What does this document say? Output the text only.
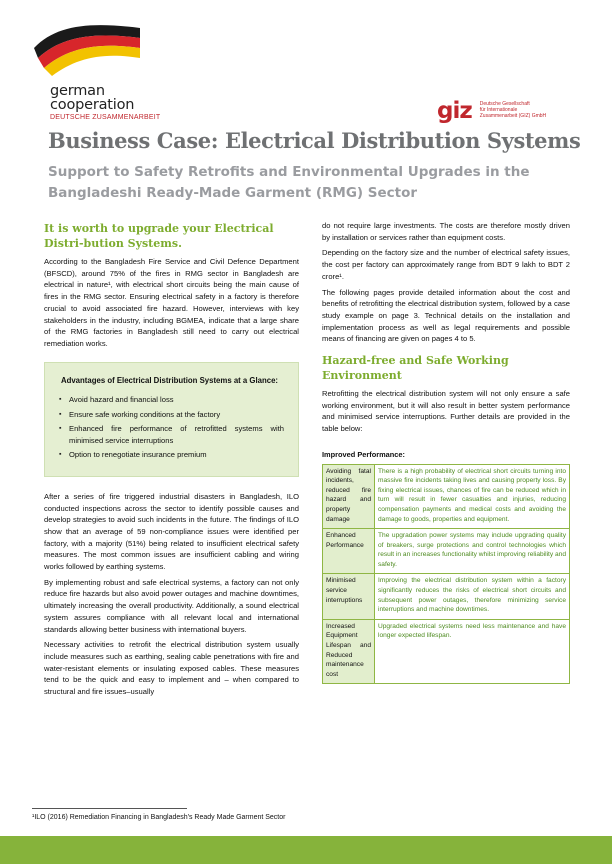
german
cooperation
DEUTSCHE ZUSAMMENARBEIT	giz Deutsche Gesellschaft
für Internationale
Zusammenarbeit (GIZ) GmbH
Business Case: Electrical Distribution Systems
Support to Safety Retrofits and Environmental Upgrades in the Bangladeshi Ready-Made Garment (RMG) Sector
It is worth to upgrade your Electrical Distri-bution Systems.

According to the Bangladesh Fire Service and Civil Defence Department (BFSCD), around 75% of the fires in RMG sector in Bangladesh are electrical in nature¹, with electrical short circuits being the main cause of fires in the RMG sector. Ensuring electrical safety in a factory is therefore crucial to avoid associated fire hazard. However, interviews with key stakeholders in the industry, including BGMEA, indicate that a large share of the RMG factories in Bangladesh still need to carry out electrical remediation works.

Advantages of Electrical Distribution Systems at a Glance:
▪ Avoid hazard and financial loss
▪ Ensure safe working conditions at the factory
▪ Enhanced fire performance of retrofitted systems with minimised service interruptions
▪ Option to renegotiate insurance premium

After a series of fire triggered industrial disasters in Bangladesh, ILO conducted inspections across the sector to identify possible causes and develop strategies to avoid such incidents in the future. The findings of ILO show that an average of 59 non-compliance issues were identified per factory, with a majority (51%) being related to insufficient electrical safety measures. The most common issues are insufficient cabling and wiring works followed by earthing systems.

By implementing robust and safe electrical systems, a factory can not only reduce fire hazards but also avoid power outages and machine downtimes, ultimately increasing the overall productivity. Additionally, a sound electrical system assures compliance with all relevant local and international standards allowing better business with international buyers.

Necessary activities to retrofit the electrical distribution system usually include measures such as earthing, sealing cable penetrations with fire and water-resistant elements or insulating exposed cables. These measures tend to be the quick and easy to implement and – when compared to structural and fire issues–usually

do not require large investments. The costs are therefore mostly driven by installation or services rather than equipment costs.

Depending on the factory size and the number of electrical safety issues, the cost per factory can approximately range from BDT 9 lakh to BDT 2 crore¹.

The following pages provide detailed information about the cost and benefits of retrofitting the electrical distribution system, followed by a case study example on page 3. Technical details on the installation and implementation process as well as legal requirements and possible means of financing are given on pages 4 to 5.

Hazard-free and Safe Working Environment

Retrofitting the electrical distribution system will not only ensure a safe working environment, but it will also result in better system performance and minimised service interruptions. Further details are provided in the table below:

Improved Performance:
Avoiding fatal incidents, reduced fire hazard and property damage	There is a high probability of electrical short circuits turning into massive fire incidents taking lives and causing property loss. By fixing electrical issues, chances of fire can be reduced which in turn will result in fewer casualties and injuries, reducing compensation payments and medical costs and avoiding the damage to goods, properties and equipment.
Enhanced Performance	The upgradation power systems may include upgrading quality of breakers, surge protections and control technologies which result in an increases functionality whilst improving reliability and safety.
Minimised service interruptions	Improving the electrical distribution system within a factory significantly reduces the risks of electrical short circuits and subsequent power outages, therefore minimizing service interruptions and machine downtimes.
Increased Equipment Lifespan and Reduced maintenance cost	Upgraded electrical systems need less maintenance and have longer expected lifespan.
¹ILO (2016) Remediation Financing in Bangladesh's Ready Made Garment Sector
